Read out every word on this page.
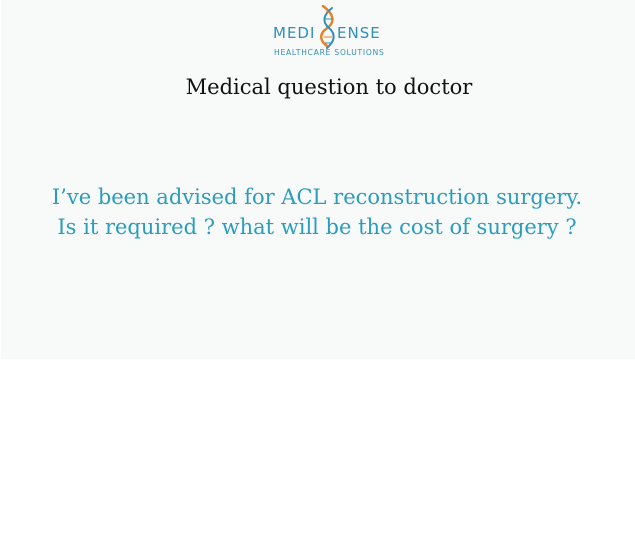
MEDI ENSE
HEALTHCARE SOLUTIONS
Medical question to doctor
I’ve been advised for ACL reconstruction surgery.
Is it required ? what will be the cost of surgery ?
